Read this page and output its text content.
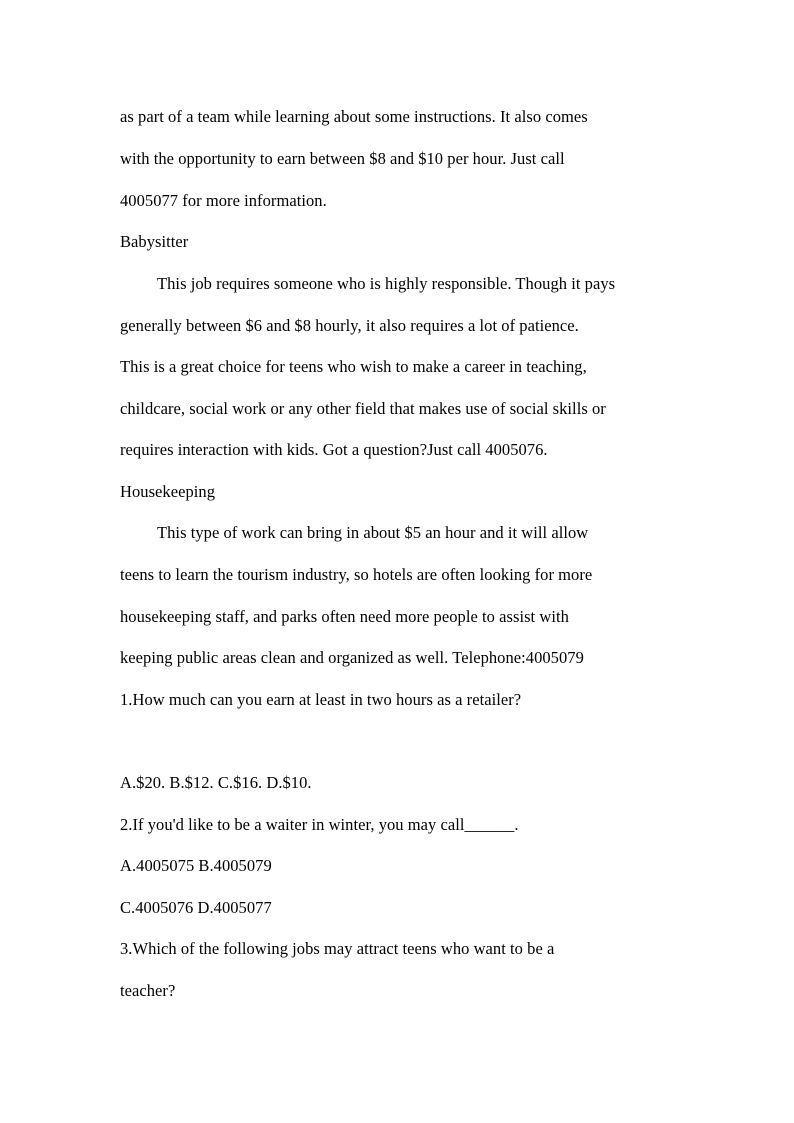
as part of a team while learning about some instructions. It also comes
with the opportunity to earn between $8 and $10 per hour. Just call
4005077 for more information.
Babysitter
This job requires someone who is highly responsible. Though it pays
generally between $6 and $8 hourly, it also requires a lot of patience.
This is a great choice for teens who wish to make a career in teaching,
childcare, social work or any other field that makes use of social skills or
requires interaction with kids. Got a question?Just call 4005076.
Housekeeping
This type of work can bring in about $5 an hour and it will allow
teens to learn the tourism industry, so hotels are often looking for more
housekeeping staff, and parks often need more people to assist with
keeping public areas clean and organized as well. Telephone:4005079
1.How much can you earn at least in two hours as a retailer?
A.$20. B.$12. C.$16. D.$10.
2.If you'd like to be a waiter in winter, you may call______.
A.4005075 B.4005079
C.4005076 D.4005077
3.Which of the following jobs may attract teens who want to be a
teacher?
